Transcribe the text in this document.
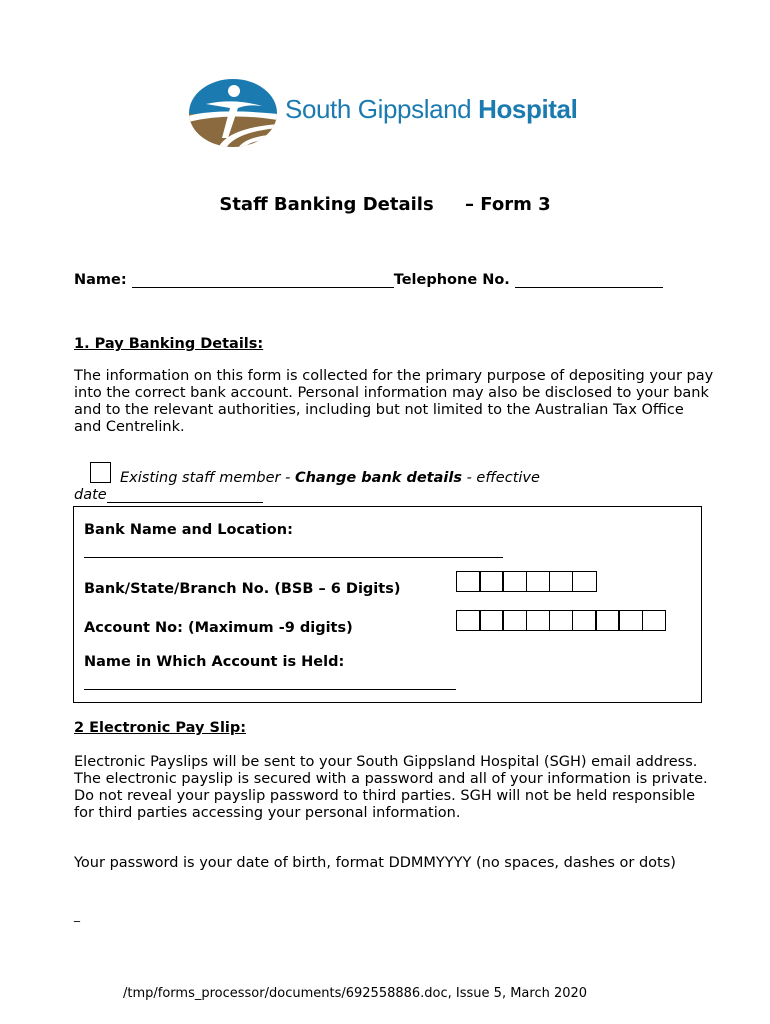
South Gippsland Hospital
Staff Banking Details     – Form 3
Name:	Telephone No.
1. Pay Banking Details:
The information on this form is collected for the primary purpose of depositing your pay into the correct bank account. Personal information may also be disclosed to your bank and to the relevant authorities, including but not limited to the Australian Tax Office and Centrelink.
Existing staff member - Change bank details - effective
date
Bank Name and Location:
Bank/State/Branch No. (BSB – 6 Digits)
Account No: (Maximum -9 digits)
Name in Which Account is Held:
2 Electronic Pay Slip:
Electronic Payslips will be sent to your South Gippsland Hospital (SGH) email address. The electronic payslip is secured with a password and all of your information is private. Do not reveal your payslip password to third parties. SGH will not be held responsible for third parties accessing your personal information.
Your password is your date of birth, format DDMMYYYY (no spaces, dashes or dots)
_
/tmp/forms_processor/documents/692558886.doc, Issue 5, March 2020
